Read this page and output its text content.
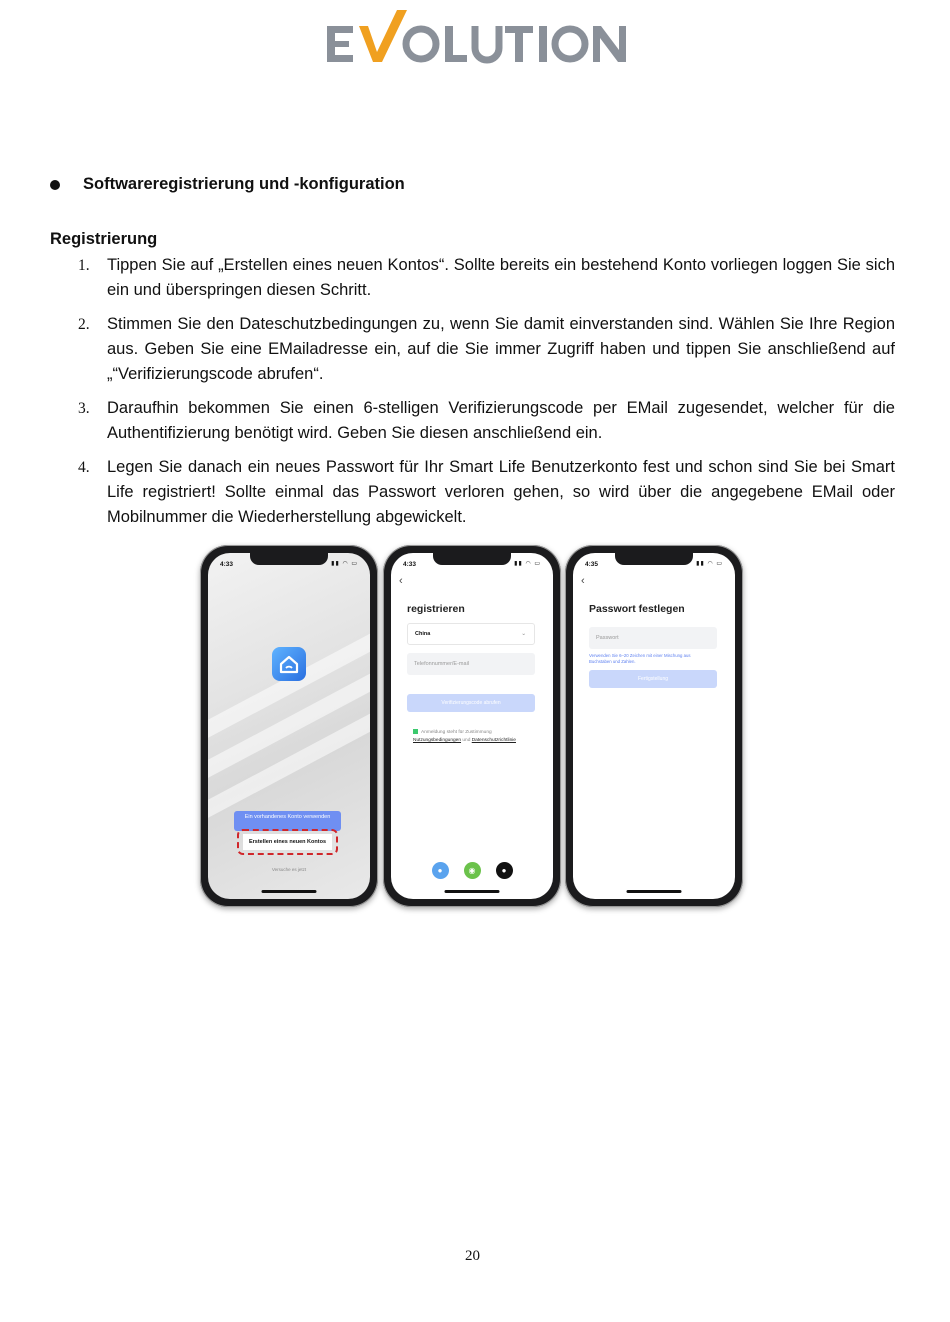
Softwareregistrierung und -konfiguration
Registrierung
1.	Tippen Sie auf „Erstellen eines neuen Kontos“. Sollte bereits ein bestehend Konto vorliegen loggen Sie sich ein und überspringen diesen Schritt.
2.	Stimmen Sie den Dateschutzbedingungen zu, wenn Sie damit einverstanden sind. Wählen Sie Ihre Region aus. Geben Sie eine EMailadresse ein, auf die Sie immer Zugriff haben und tippen Sie anschließend auf „“Verifizierungscode abrufen“.
3.	Daraufhin bekommen Sie einen 6-stelligen Verifizierungscode per EMail zugesendet, welcher für die Authentifizierung benötigt wird. Geben Sie diesen anschließend ein.
4.	Legen Sie danach ein neues Passwort für Ihr Smart Life Benutzerkonto fest und schon sind Sie bei Smart Life registriert! Sollte einmal das Passwort verloren gehen, so wird über die angegebene EMail oder Mobilnummer die Wiederherstellung abgewickelt.
4:33	▮▮ ◠ ▭
Ein vorhandenes Konto verwenden
Erstellen eines neuen Kontos
Versuche es jetzt
4:33	▮▮ ◠ ▭
‹
registrieren
China	⌄
Telefonnummer/E-mail
Verifizierungscode abrufen
Anmeldung steht für Zustimmung
Nutzungsbedingungen und Datenschutzrichtlinie
●	◉	●
4:35	▮▮ ◠ ▭
‹
Passwort festlegen
Passwort
Verwenden Sie 6–20 Zeichen mit einer Mischung aus Buchstaben und Zahlen.
Fertigstellung
20
